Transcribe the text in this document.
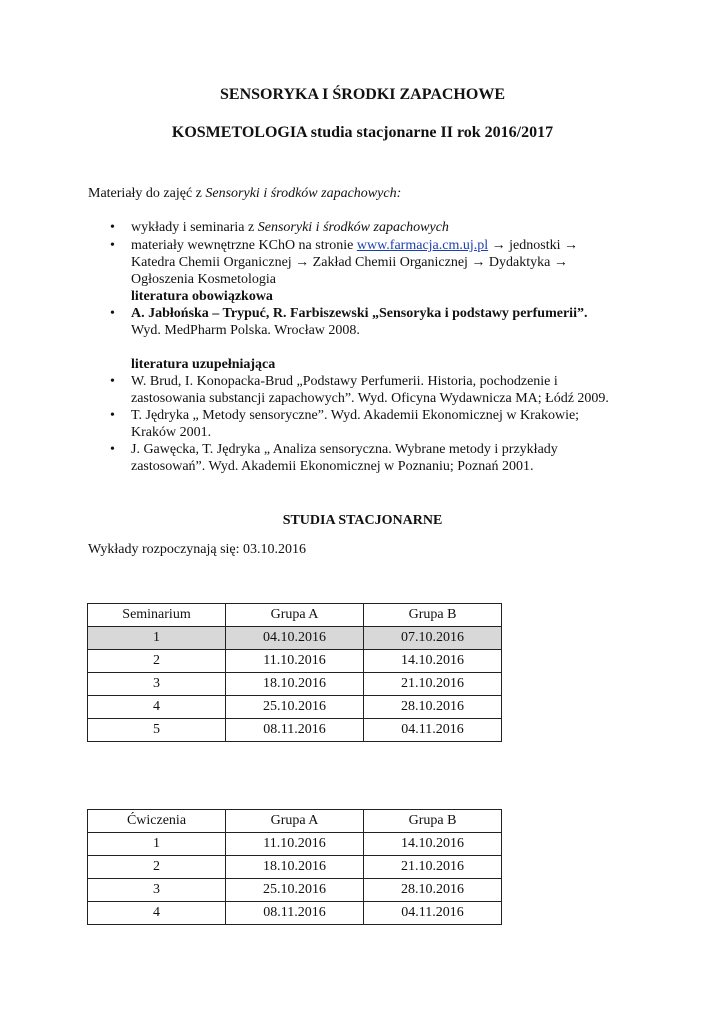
SENSORYKA I ŚRODKI ZAPACHOWE
KOSMETOLOGIA studia stacjonarne II rok 2016/2017
Materiały do zajęć z Sensoryki i środków zapachowych:
• wykłady i seminaria z Sensoryki i środków zapachowych
• materiały wewnętrzne KChO na stronie www.farmacja.cm.uj.pl → jednostki →
Katedra Chemii Organicznej → Zakład Chemii Organicznej → Dydaktyka →
Ogłoszenia Kosmetologia
literatura obowiązkowa
• A. Jabłońska – Trypuć, R. Farbiszewski „Sensoryka i podstawy perfumerii”.
Wyd. MedPharm Polska. Wrocław 2008.
literatura uzupełniająca
• W. Brud, I. Konopacka-Brud „Podstawy Perfumerii. Historia, pochodzenie i
zastosowania substancji zapachowych”. Wyd. Oficyna Wydawnicza MA; Łódź 2009.
• T. Jędryka „ Metody sensoryczne”. Wyd. Akademii Ekonomicznej w Krakowie;
Kraków 2001.
• J. Gawęcka, T. Jędryka „ Analiza sensoryczna. Wybrane metody i przykłady
zastosowań”. Wyd. Akademii Ekonomicznej w Poznaniu; Poznań 2001.
STUDIA STACJONARNE
Wykłady rozpoczynają się: 03.10.2016
Seminarium	Grupa A	Grupa B
1	04.10.2016	07.10.2016
2	11.10.2016	14.10.2016
3	18.10.2016	21.10.2016
4	25.10.2016	28.10.2016
5	08.11.2016	04.11.2016
Ćwiczenia	Grupa A	Grupa B
1	11.10.2016	14.10.2016
2	18.10.2016	21.10.2016
3	25.10.2016	28.10.2016
4	08.11.2016	04.11.2016
